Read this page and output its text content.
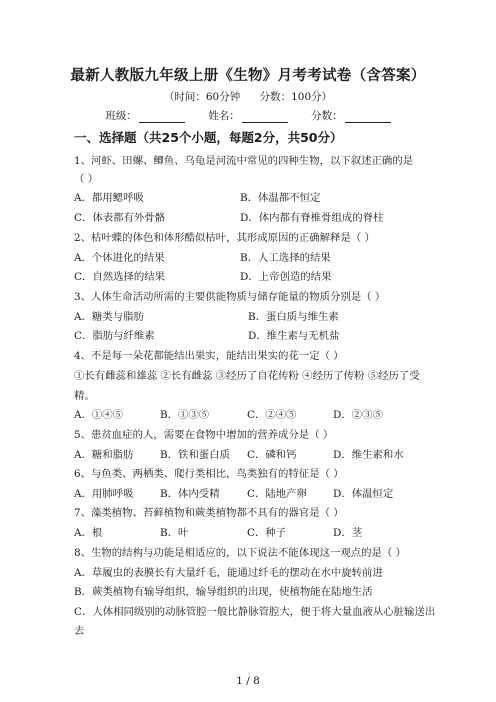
最新人教版九年级上册《生物》月考考试卷（含答案）
（时间：60分钟 分数：100分）
班级：	姓名：	分数：
一、选择题（共25个小题，每题2分，共50分）
1、河虾、田螺、鲫鱼、乌龟是河流中常见的四种生物，以下叙述正确的是
（ ）
A．都用鳃呼吸	B．体温都不恒定
C．体表都有外骨骼	D．体内都有脊椎骨组成的脊柱
2、枯叶蝶的体色和体形酷似枯叶，其形成原因的正确解释是（ ）
A．个体进化的结果	B．人工选择的结果
C．自然选择的结果	D．上帝创造的结果
3、人体生命活动所需的主要供能物质与储存能量的物质分别是（ ）
A．糖类与脂肪	B．蛋白质与维生素
C．脂肪与纤维素	D．维生素与无机盐
4、不是每一朵花都能结出果实，能结出果实的花一定（ ）
①长有雌蕊和雄蕊 ②长有雌蕊 ③经历了自花传粉 ④经历了传粉 ⑤经历了受
精。
A．①④⑤	B．①③⑤	C．②④⑤	D．②③⑤
5、患贫血症的人，需要在食物中增加的营养成分是（ ）
A．糖和脂肪	B．铁和蛋白质 C．磷和钙	D．维生素和水
6、与鱼类、两栖类、爬行类相比，鸟类独有的特征是（ ）
A．用肺呼吸	B．体内受精	C．陆地产卵	D．体温恒定
7、藻类植物、苔藓植物和蕨类植物都不具有的器官是（ ）
A．根	B．叶	C．种子	D．茎
8、生物的结构与功能是相适应的，以下说法不能体现这一观点的是（ ）
A．草履虫的表膜长有大量纤毛，能通过纤毛的摆动在水中旋转前进
B．蕨类植物有输导组织，输导组织的出现，使植物能在陆地生活
C．人体相同级别的动脉管腔一般比静脉管腔大，便于将大量血液从心脏输送出
去
1 / 8
